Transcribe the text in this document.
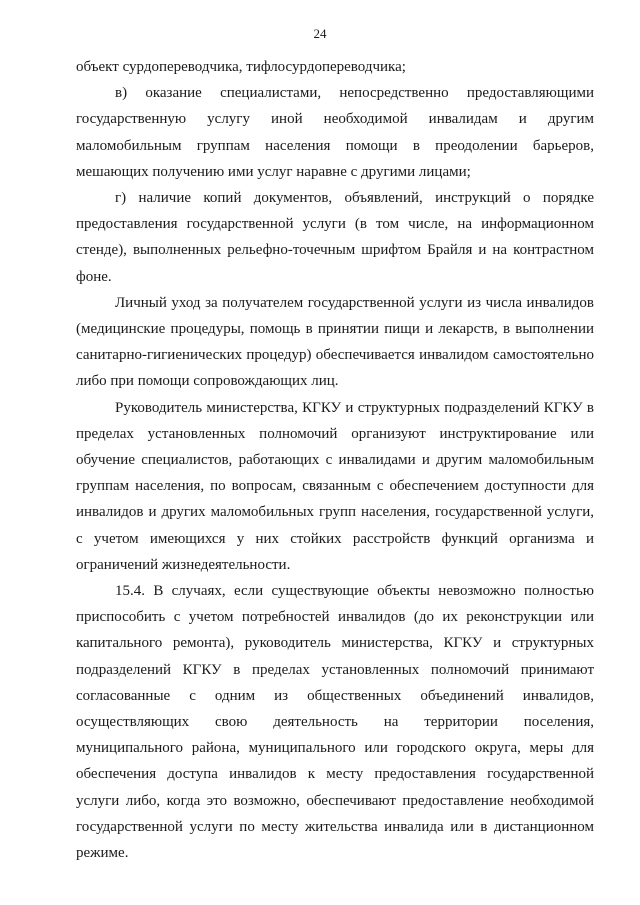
24

объект сурдопереводчика, тифлосурдопереводчика;

в) оказание специалистами, непосредственно предоставляющими государственную услугу иной необходимой инвалидам и другим маломобильным группам населения помощи в преодолении барьеров, мешающих получению ими услуг наравне с другими лицами;

г) наличие копий документов, объявлений, инструкций о порядке предоставления государственной услуги (в том числе, на информационном стенде), выполненных рельефно-точечным шрифтом Брайля и на контрастном фоне.

Личный уход за получателем государственной услуги из числа инвалидов (медицинские процедуры, помощь в принятии пищи и лекарств, в выполнении санитарно-гигиенических процедур) обеспечивается инвалидом самостоятельно либо при помощи сопровождающих лиц.

Руководитель министерства, КГКУ и структурных подразделений КГКУ в пределах установленных полномочий организуют инструктирование или обучение специалистов, работающих с инвалидами и другим маломобильным группам населения, по вопросам, связанным с обеспечением доступности для инвалидов и других маломобильных групп населения, государственной услуги, с учетом имеющихся у них стойких расстройств функций организма и ограничений жизнедеятельности.

15.4. В случаях, если существующие объекты невозможно полностью приспособить с учетом потребностей инвалидов (до их реконструкции или капитального ремонта), руководитель министерства, КГКУ и структурных подразделений КГКУ в пределах установленных полномочий принимают согласованные с одним из общественных объединений инвалидов, осуществляющих свою деятельность на территории поселения, муниципального района, муниципального или городского округа, меры для обеспечения доступа инвалидов к месту предоставления государственной услуги либо, когда это возможно, обеспечивают предоставление необходимой государственной услуги по месту жительства инвалида или в дистанционном режиме.
